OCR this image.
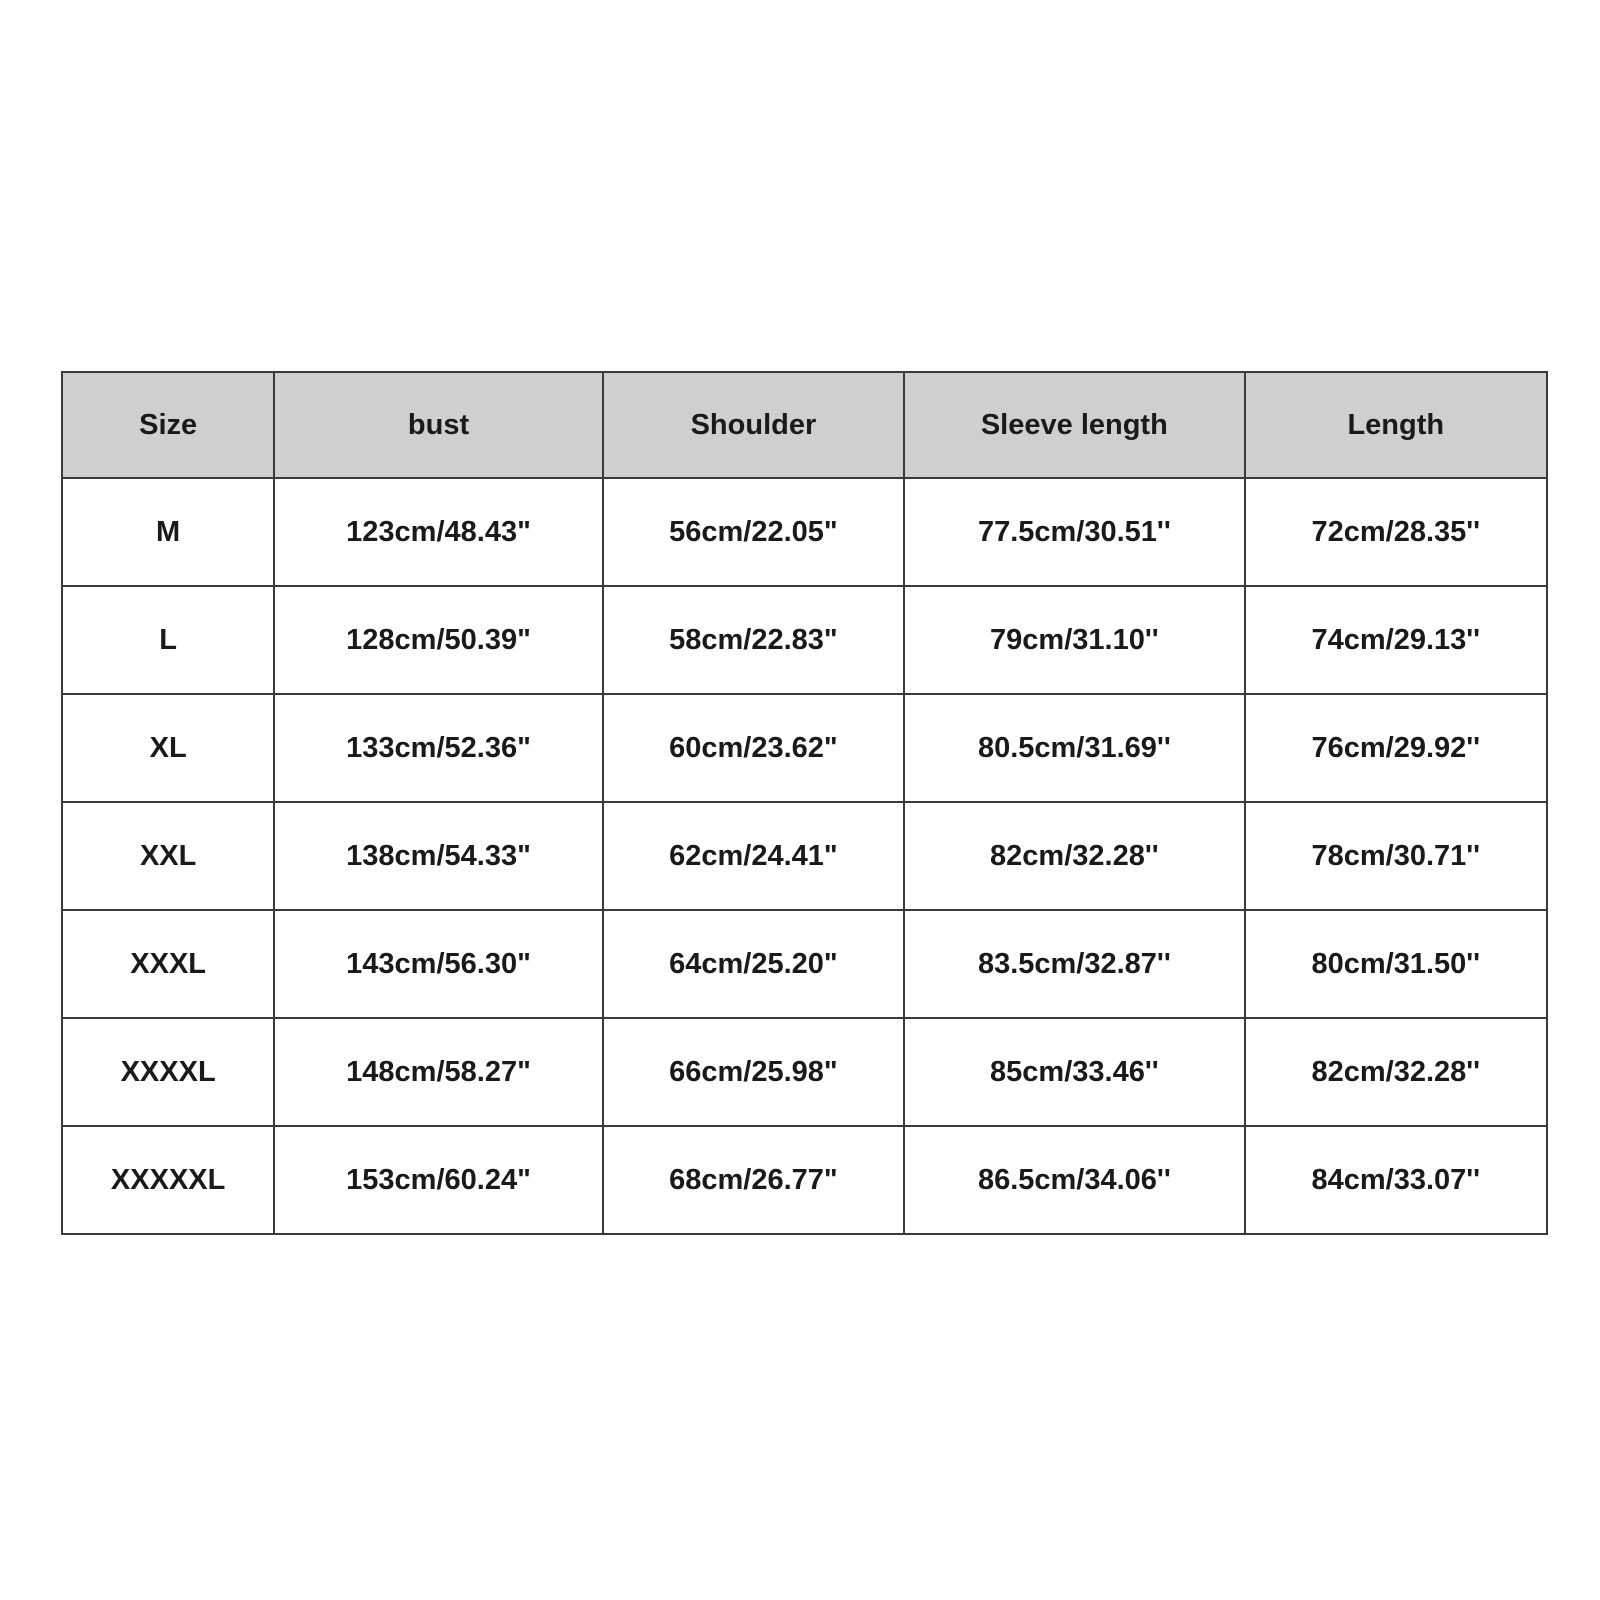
Size	bust	Shoulder	Sleeve length	Length
M	123cm/48.43"	56cm/22.05"	77.5cm/30.51''	72cm/28.35''
L	128cm/50.39"	58cm/22.83"	79cm/31.10''	74cm/29.13''
XL	133cm/52.36"	60cm/23.62"	80.5cm/31.69''	76cm/29.92''
XXL	138cm/54.33"	62cm/24.41"	82cm/32.28''	78cm/30.71''
XXXL	143cm/56.30"	64cm/25.20"	83.5cm/32.87''	80cm/31.50''
XXXXL	148cm/58.27"	66cm/25.98"	85cm/33.46''	82cm/32.28''
XXXXXL	153cm/60.24"	68cm/26.77"	86.5cm/34.06''	84cm/33.07''
